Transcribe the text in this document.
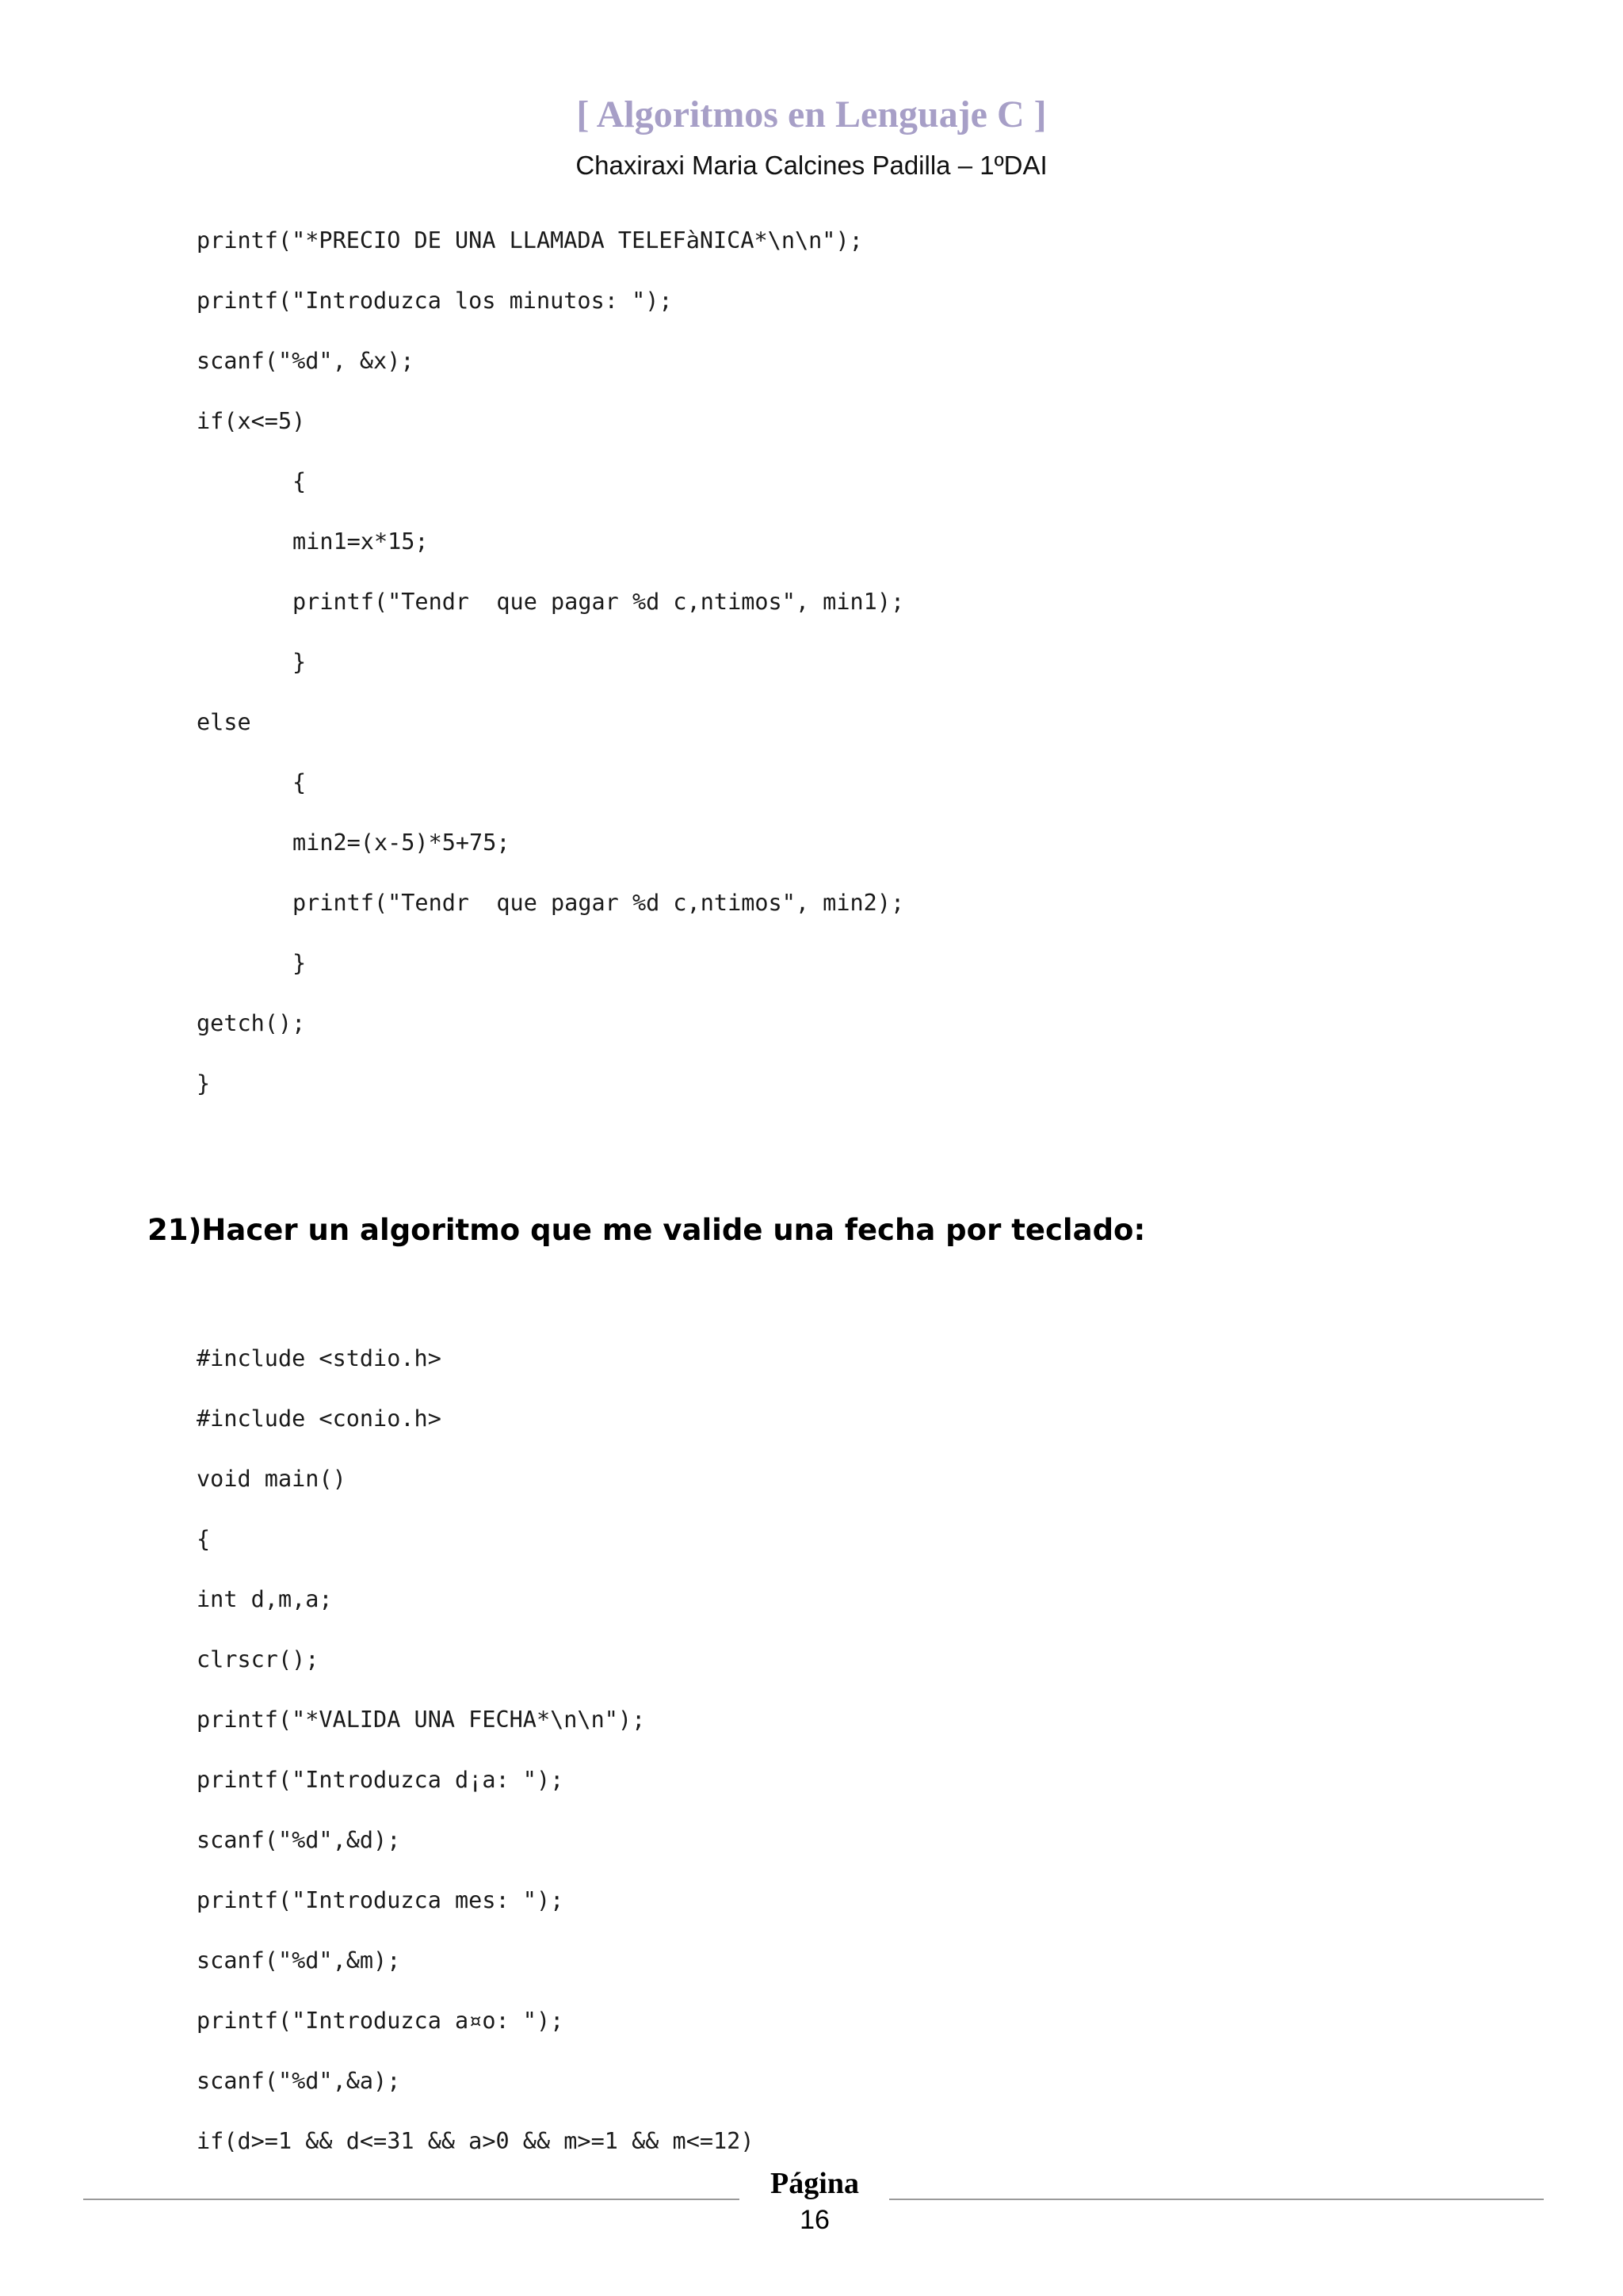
[ Algoritmos en Lenguaje C ]
Chaxiraxi Maria Calcines Padilla – 1ºDAI
printf("*PRECIO DE UNA LLAMADA TELEFàNICA*\n\n");
printf("Introduzca los minutos: ");
scanf("%d", &x);
if(x<=5)
{
min1=x*15;
printf("Tendr  que pagar %d c,ntimos", min1);
}
else
{
min2=(x-5)*5+75;
printf("Tendr  que pagar %d c,ntimos", min2);
}
getch();
}
21)Hacer un algoritmo que me valide una fecha por teclado:
#include <stdio.h>
#include <conio.h>
void main()
{
int d,m,a;
clrscr();
printf("*VALIDA UNA FECHA*\n\n");
printf("Introduzca d¡a: ");
scanf("%d",&d);
printf("Introduzca mes: ");
scanf("%d",&m);
printf("Introduzca a¤o: ");
scanf("%d",&a);
if(d>=1 && d<=31 && a>0 && m>=1 && m<=12)
Página
16
